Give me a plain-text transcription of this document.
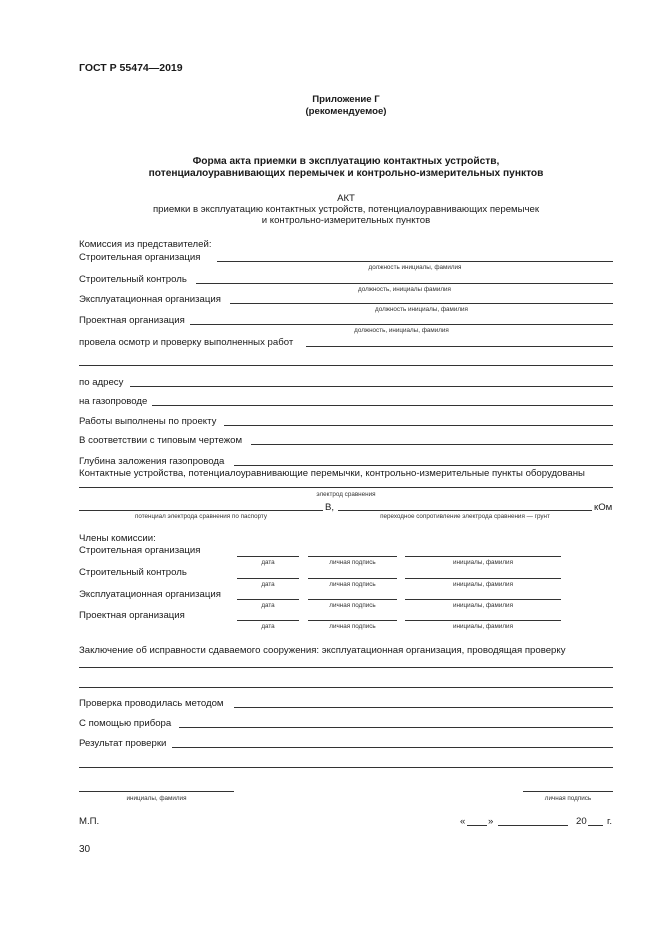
ГОСТ Р 55474—2019
Приложение Г
(рекомендуемое)
Форма акта приемки в эксплуатацию контактных устройств,
потенциалоуравнивающих перемычек и контрольно-измерительных пунктов
АКТ
приемки в эксплуатацию контактных устройств, потенциалоуравнивающих перемычек
и контрольно-измерительных пунктов
Комиссия из представителей:
Строительная организация
должность инициалы, фамилия
Строительный контроль
должность, инициалы фамилия
Эксплуатационная организация
должность инициалы, фамилия
Проектная организация
должность, инициалы, фамилия
провела осмотр и проверку выполненных работ
по адресу
на газопроводе
Работы выполнены по проекту
В соответствии с типовым чертежом
Глубина заложения газопровода
Контактные устройства, потенциалоуравнивающие перемычки, контрольно-измерительные пункты оборудованы
электрод сравнения
В,	кОм
потенциал электрода сравнения по паспорту	переходное сопротивление электрода сравнения — грунт
Члены комиссии:
Строительная организация
дата	личная подпись	инициалы, фамилия
Строительный контроль
дата	личная подпись	инициалы, фамилия
Эксплуатационная организация
дата	личная подпись	инициалы, фамилия
Проектная организация
дата	личная подпись	инициалы, фамилия
Заключение об исправности сдаваемого сооружения: эксплуатационная организация, проводящая проверку
Проверка проводилась методом
С помощью прибора
Результат проверки
инициалы, фамилия	личная подпись
М.П.	« »	20 г.
30
